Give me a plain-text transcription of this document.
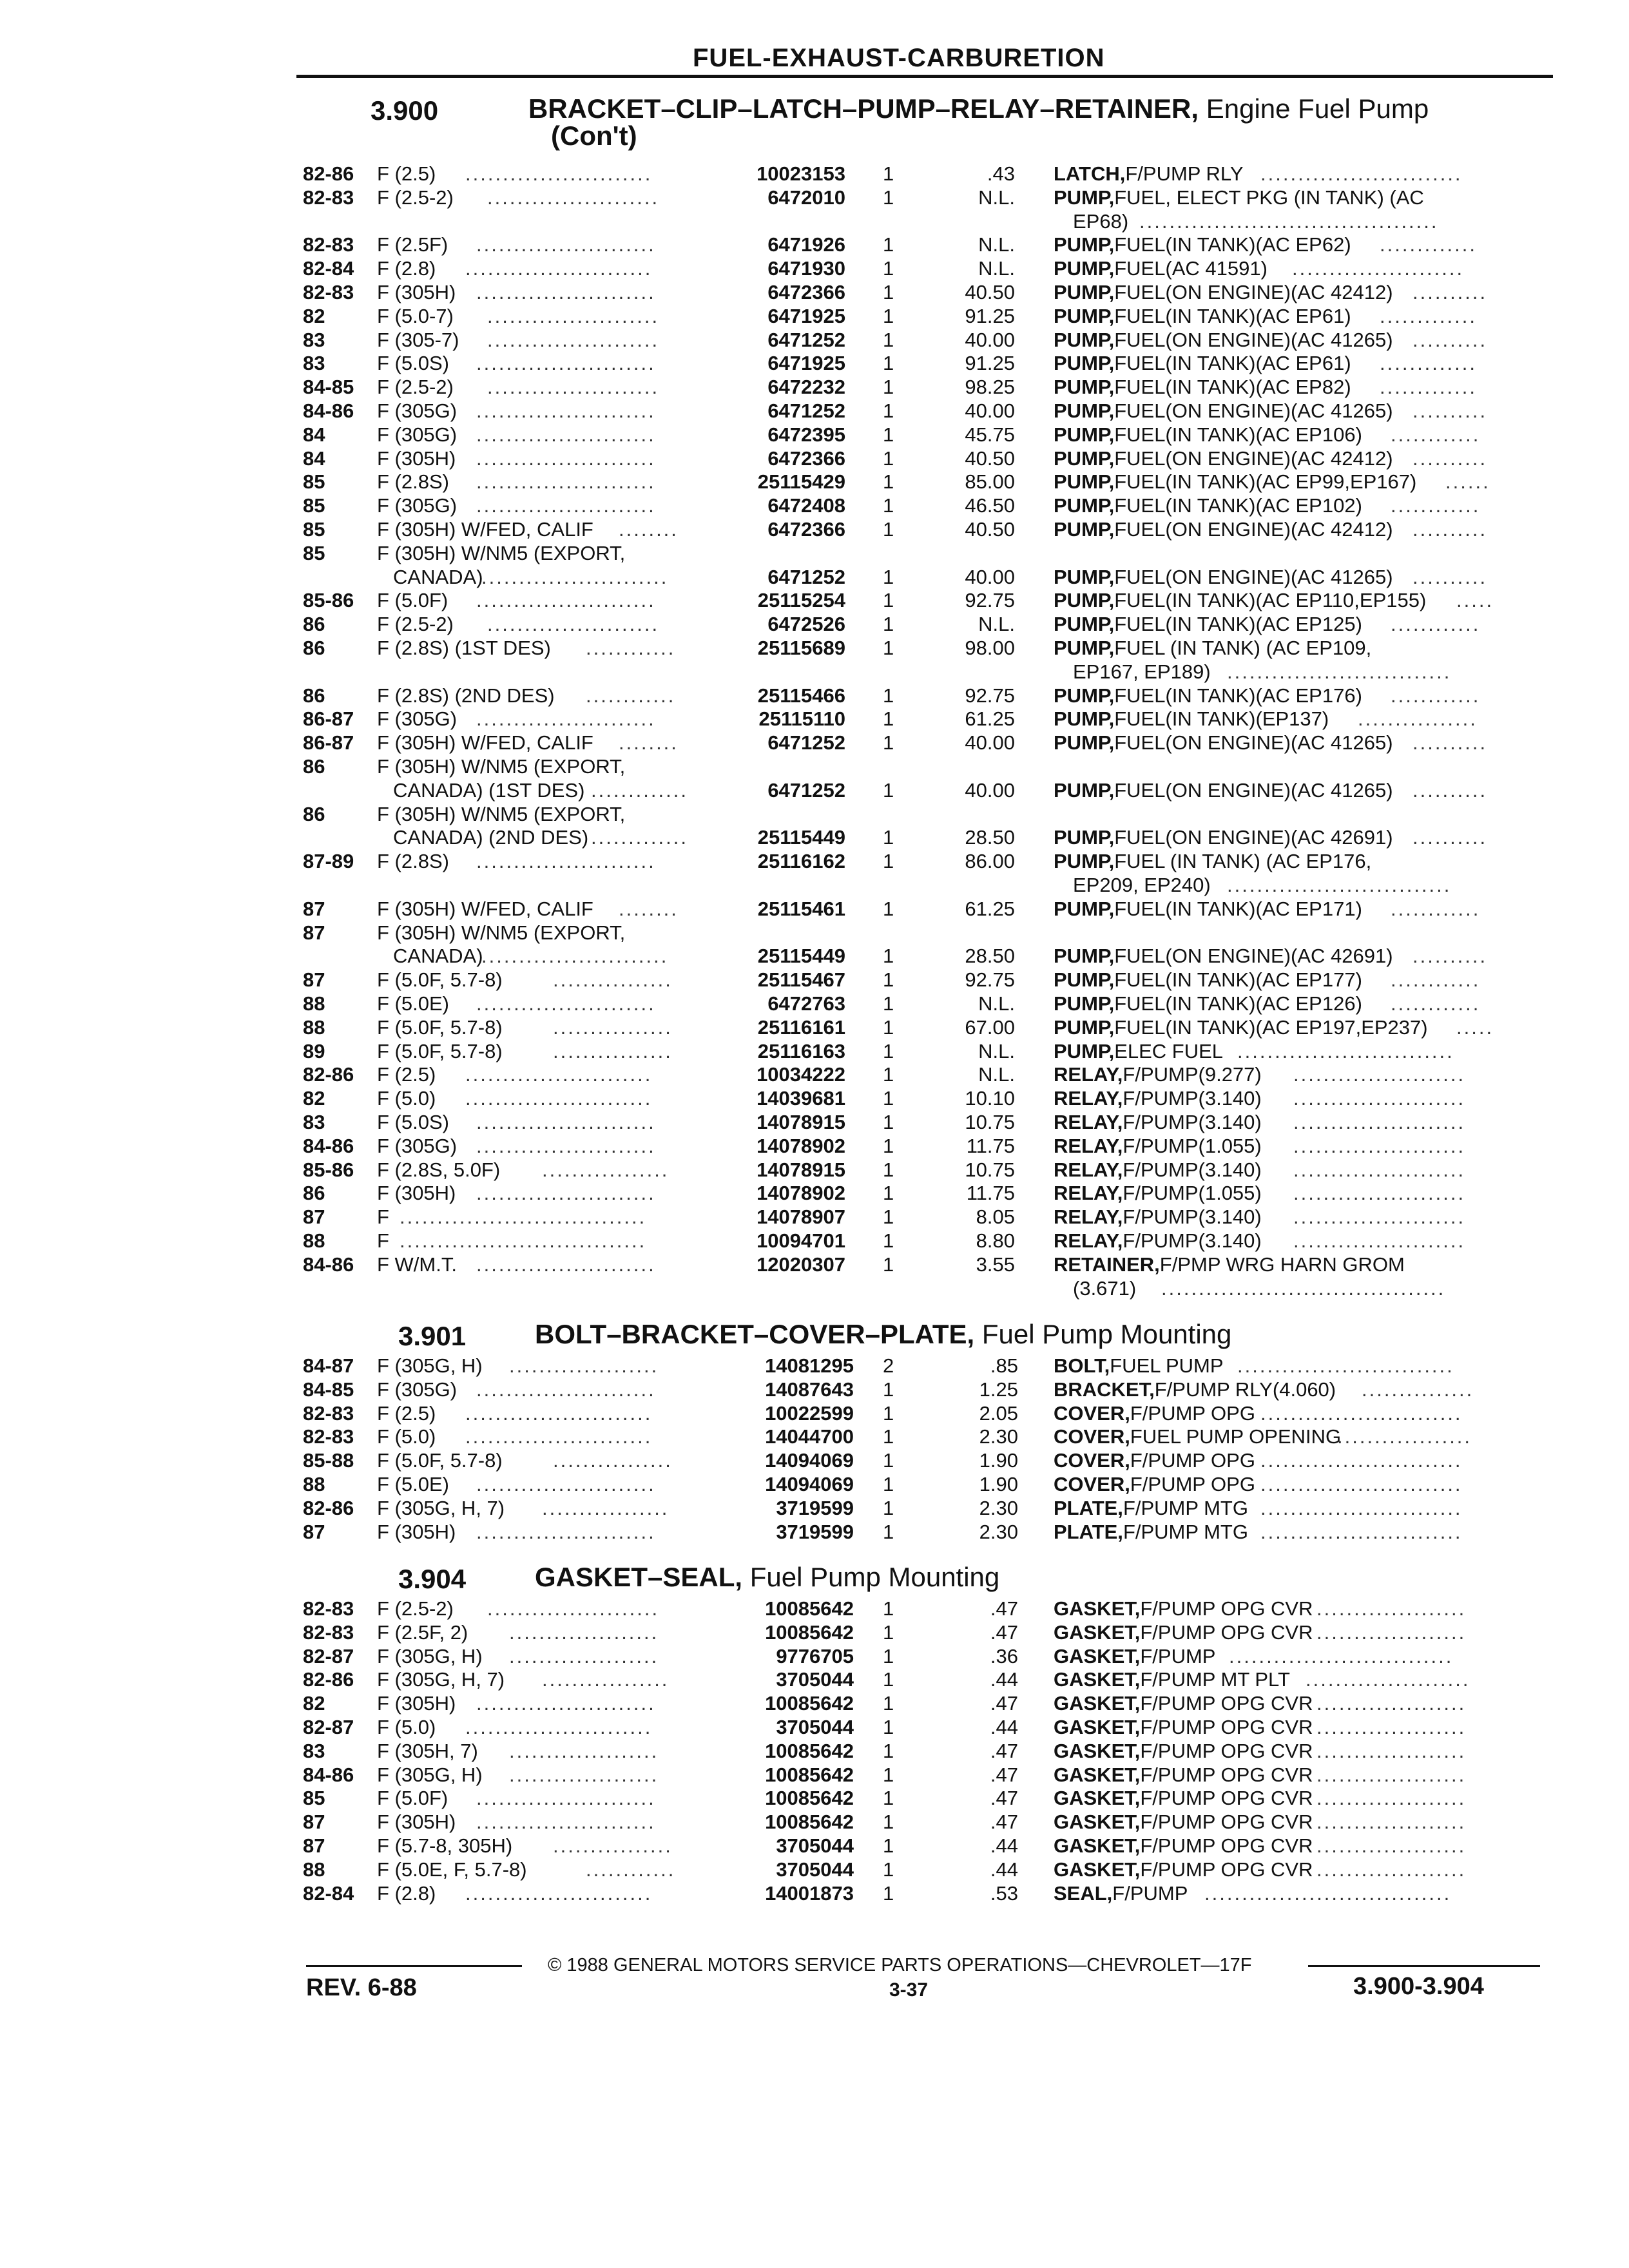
FUEL-EXHAUST-CARBURETION
3.900	BRACKET–CLIP–LATCH–PUMP–RELAY–RETAINER, Engine Fuel Pump
(Con't)
82-86 F (2.5) .........................	10023153 1	.43 LATCH, F/PUMP RLY ...........................
82-83 F (2.5-2) .......................	6472010 1	N.L. PUMP, FUEL, ELECT PKG (IN TANK) (AC
EP68) ........................................
82-83 F (2.5F) ........................	6471926 1	N.L. PUMP, FUEL(IN TANK)(AC EP62) .............
82-84 F (2.8) .........................	6471930 1	N.L. PUMP, FUEL(AC 41591) .......................
82-83 F (305H) ........................	6472366 1	40.50 PUMP, FUEL(ON ENGINE)(AC 42412) ..........
82	F (5.0-7) .......................	6471925 1	91.25 PUMP, FUEL(IN TANK)(AC EP61) .............
83	F (305-7) .......................	6471252 1	40.00 PUMP, FUEL(ON ENGINE)(AC 41265) ..........
83	F (5.0S) ........................	6471925 1	91.25 PUMP, FUEL(IN TANK)(AC EP61) .............
84-85 F (2.5-2) .......................	6472232 1	98.25 PUMP, FUEL(IN TANK)(AC EP82) .............
84-86 F (305G) ........................	6471252 1	40.00 PUMP, FUEL(ON ENGINE)(AC 41265) ..........
84	F (305G) ........................	6472395 1	45.75 PUMP, FUEL(IN TANK)(AC EP106) ............
84	F (305H) ........................	6472366 1	40.50 PUMP, FUEL(ON ENGINE)(AC 42412) ..........
85	F (2.8S) ........................	25115429 1	85.00 PUMP, FUEL(IN TANK)(AC EP99,EP167) ......
85	F (305G) ........................	6472408 1	46.50 PUMP, FUEL(IN TANK)(AC EP102) ............
85	F (305H) W/FED, CALIF ........	6472366 1	40.50 PUMP, FUEL(ON ENGINE)(AC 42412) ..........
85	F (305H) W/NM5 (EXPORT,
CANADA)
.........................	6471252 1	40.00 PUMP, FUEL(ON ENGINE)(AC 41265) ..........
85-86 F (5.0F) ........................	25115254 1	92.75 PUMP, FUEL(IN TANK)(AC EP110,EP155) .....
86	F (2.5-2) .......................	6472526 1	N.L. PUMP, FUEL(IN TANK)(AC EP125) ............
86	F (2.8S) (1ST DES) ............	25115689 1	98.00 PUMP, FUEL (IN TANK) (AC EP109,
EP167, EP189) ..............................
86	F (2.8S) (2ND DES) ............	25115466 1	92.75 PUMP, FUEL(IN TANK)(AC EP176) ............
86-87 F (305G) ........................	25115110 1	61.25 PUMP, FUEL(IN TANK)(EP137) ................
86-87 F (305H) W/FED, CALIF ........	6471252 1	40.00 PUMP, FUEL(ON ENGINE)(AC 41265) ..........
86	F (305H) W/NM5 (EXPORT,
CANADA) (1ST DES) .............	6471252 1	40.00 PUMP, FUEL(ON ENGINE)(AC 41265) ..........
86	F (305H) W/NM5 (EXPORT,
CANADA) (2ND DES) .............	25115449 1	28.50 PUMP, FUEL(ON ENGINE)(AC 42691) ..........
87-89 F (2.8S) ........................	25116162 1	86.00 PUMP, FUEL (IN TANK) (AC EP176,
EP209, EP240) ..............................
87	F (305H) W/FED, CALIF ........	25115461 1	61.25 PUMP, FUEL(IN TANK)(AC EP171) ............
87	F (305H) W/NM5 (EXPORT,
CANADA)
.........................	25115449 1	28.50 PUMP, FUEL(ON ENGINE)(AC 42691) ..........
87	F (5.0F, 5.7-8)	................	25115467 1	92.75 PUMP, FUEL(IN TANK)(AC EP177) ............
88	F (5.0E) ........................	6472763 1	N.L. PUMP, FUEL(IN TANK)(AC EP126) ............
88	F (5.0F, 5.7-8)	................	25116161 1	67.00 PUMP, FUEL(IN TANK)(AC EP197,EP237) .....
89	F (5.0F, 5.7-8)	................	25116163 1	N.L. PUMP, ELEC FUEL .............................
82-86 F (2.5) .........................	10034222 1	N.L. RELAY, F/PUMP(9.277) .......................
82	F (5.0) .........................	14039681 1	10.10 RELAY, F/PUMP(3.140) .......................
83	F (5.0S) ........................	14078915 1	10.75 RELAY, F/PUMP(3.140) .......................
84-86 F (305G) ........................	14078902 1	11.75 RELAY, F/PUMP(1.055) .......................
85-86 F (2.8S, 5.0F) .................	14078915 1	10.75 RELAY, F/PUMP(3.140) .......................
86	F (305H) ........................	14078902 1	11.75 RELAY, F/PUMP(1.055) .......................
87	F .................................	14078907 1	8.05 RELAY, F/PUMP(3.140) .......................
88	F .................................	10094701 1	8.80 RELAY, F/PUMP(3.140) .......................
84-86 F W/M.T. ........................	12020307 1	3.55 RETAINER, F/PMP WRG HARN GROM
(3.671) ......................................
3.901	BOLT–BRACKET–COVER–PLATE, Fuel Pump Mounting
84-87 F (305G, H) ....................	14081295 2	.85 BOLT, FUEL PUMP .............................
84-85 F (305G) ........................	14087643 1	1.25 BRACKET, F/PUMP RLY(4.060) ...............
82-83 F (2.5) .........................	10022599 1	2.05 COVER, F/PUMP OPG ...........................
82-83 F (5.0) .........................	14044700 1	2.30 COVER, FUEL PUMP OPENING
..................
85-88 F (5.0F, 5.7-8)	................	14094069 1	1.90 COVER, F/PUMP OPG ...........................
88	F (5.0E) ........................	14094069 1	1.90 COVER, F/PUMP OPG ...........................
82-86 F (305G, H, 7) .................	3719599 1	2.30 PLATE, F/PUMP MTG ...........................
87	F (305H) ........................	3719599 1	2.30 PLATE, F/PUMP MTG ...........................
3.904	GASKET–SEAL, Fuel Pump Mounting
82-83 F (2.5-2) .......................	10085642 1	.47 GASKET, F/PUMP OPG CVR ....................
82-83 F (2.5F, 2) ....................	10085642 1	.47 GASKET, F/PUMP OPG CVR ....................
82-87 F (305G, H) ....................	9776705 1	.36 GASKET, F/PUMP ..............................
82-86 F (305G, H, 7) .................	3705044 1	.44 GASKET, F/PUMP MT PLT ......................
82	F (305H) ........................	10085642 1	.47 GASKET, F/PUMP OPG CVR ....................
82-87 F (5.0) .........................	3705044 1	.44 GASKET, F/PUMP OPG CVR ....................
83	F (305H, 7) ....................	10085642 1	.47 GASKET, F/PUMP OPG CVR ....................
84-86 F (305G, H) ....................	10085642 1	.47 GASKET, F/PUMP OPG CVR ....................
85	F (5.0F) ........................	10085642 1	.47 GASKET, F/PUMP OPG CVR ....................
87	F (305H) ........................	10085642 1	.47 GASKET, F/PUMP OPG CVR ....................
87	F (5.7-8, 305H) ................	3705044 1	.44 GASKET, F/PUMP OPG CVR ....................
88	F (5.0E, F, 5.7-8)	............	3705044 1	.44 GASKET, F/PUMP OPG CVR ....................
82-84 F (2.8) .........................	14001873 1	.53 SEAL, F/PUMP .................................
© 1988 GENERAL MOTORS SERVICE PARTS OPERATIONS—CHEVROLET—17F
REV. 6-88	3-37	3.900-3.904
